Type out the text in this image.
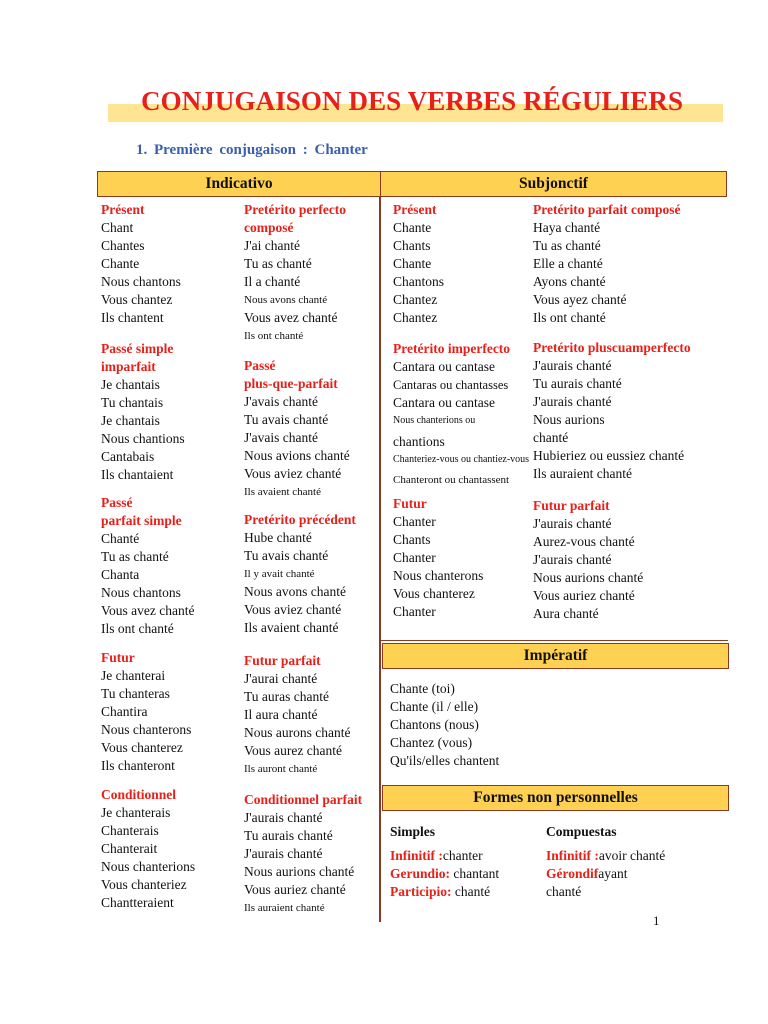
CONJUGAISON DES VERBES RÉGULIERS
1. Première conjugaison : Chanter
Indicativo	Subjonctif
Présent
Chant
Chantes
Chante
Nous chantons
Vous chantez
Ils chantent
Passé simple
imparfait
Je chantais
Tu chantais
Je chantais
Nous chantions
Cantabais
Ils chantaient
Passé
parfait simple
Chanté
Tu as chanté
Chanta
Nous chantons
Vous avez chanté
Ils ont chanté
Futur
Je chanterai
Tu chanteras
Chantira
Nous chanterons
Vous chanterez
Ils chanteront
Conditionnel
Je chanterais
Chanterais
Chanterait
Nous chanterions
Vous chanteriez
Chantteraient
Pretérito perfecto
composé
J'ai chanté
Tu as chanté
Il a chanté
Nous avons chanté
Vous avez chanté
Ils ont chanté
Passé
plus-que-parfait
J'avais chanté
Tu avais chanté
J'avais chanté
Nous avions chanté
Vous aviez chanté
Ils avaient chanté
Pretérito précédent
Hube chanté
Tu avais chanté
Il y avait chanté
Nous avons chanté
Vous aviez chanté
Ils avaient chanté
Futur parfait
J'aurai chanté
Tu auras chanté
Il aura chanté
Nous aurons chanté
Vous aurez chanté
Ils auront chanté
Conditionnel parfait
J'aurais chanté
Tu aurais chanté
J'aurais chanté
Nous aurions chanté
Vous auriez chanté
Ils auraient chanté
Présent
Chante
Chants
Chante
Chantons
Chantez
Chantez
Pretérito imperfecto
Cantara ou cantase
Cantaras ou chantasses
Cantara ou cantase
Nous chanterions ou
chantions
Chanteriez-vous ou chantiez-vous
Chanteront ou chantassent
Futur
Chanter
Chants
Chanter
Nous chanterons
Vous chanterez
Chanter
Pretérito parfait composé
Haya chanté
Tu as chanté
Elle a chanté
Ayons chanté
Vous ayez chanté
Ils ont chanté
Pretérito pluscuamperfecto
J'aurais chanté
Tu aurais chanté
J'aurais chanté
Nous aurions
chanté
Hubieriez ou eussiez chanté
Ils auraient chanté
Futur parfait
J'aurais chanté
Aurez-vous chanté
J'aurais chanté
Nous aurions chanté
Vous auriez chanté
Aura chanté
Impératif
Chante (toi)
Chante (il / elle)
Chantons (nous)
Chantez (vous)
Qu'ils/elles chantent
Formes non personnelles
Simples
Infinitif :chanter
Gerundio: chantant
Participio: chanté
Compuestas
Infinitif :avoir chanté
Gérondifayant
chanté
1
